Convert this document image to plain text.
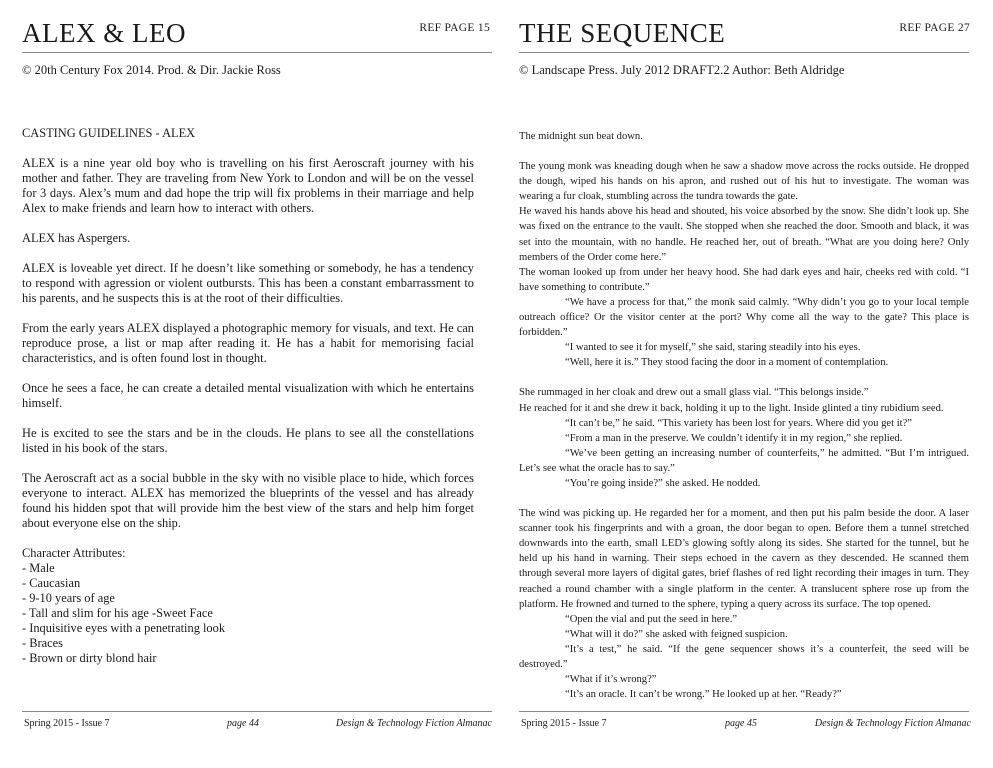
ALEX & LEO	REF PAGE 15
© 20th Century Fox 2014. Prod. & Dir. Jackie Ross

CASTING GUIDELINES - ALEX

ALEX is a nine year old boy who is travelling on his first Aeroscraft journey with his mother and father. They are traveling from New York to London and will be on the vessel for 3 days. Alex’s mum and dad hope the trip will fix problems in their marriage and help Alex to make friends and learn how to interact with others.

ALEX has Aspergers.

ALEX is loveable yet direct. If he doesn’t like something or somebody, he has a tendency to respond with agression or violent outbursts. This has been a constant embarrassment to his parents, and he suspects this is at the root of their difficulties.

From the early years ALEX displayed a photographic memory for visuals, and text. He can reproduce prose, a list or map after reading it. He has a habit for memorising facial characteristics, and is often found lost in thought.

Once he sees a face, he can create a detailed mental visualization with which he entertains himself.

He is excited to see the stars and be in the clouds. He plans to see all the constellations listed in his book of the stars.

The Aeroscraft act as a social bubble in the sky with no visible place to hide, which forces everyone to interact. ALEX has memorized the blueprints of the vessel and has already found his hidden spot that will provide him the best view of the stars and help him forget about everyone else on the ship.

Character Attributes:

- Male
- Caucasian
- 9-10 years of age
- Tall and slim for his age -Sweet Face
- Inquisitive eyes with a penetrating look
- Braces
- Brown or dirty blond hair
Spring 2015 - Issue 7	page 44	Design & Technology Fiction Almanac
THE SEQUENCE	REF PAGE 27
© Landscape Press. July 2012 DRAFT2.2 Author: Beth Aldridge

The midnight sun beat down.

The young monk was kneading dough when he saw a shadow move across the rocks outside. He dropped the dough, wiped his hands on his apron, and rushed out of his hut to investigate. The woman was wearing a fur cloak, stumbling across the tundra towards the gate.

He waved his hands above his head and shouted, his voice absorbed by the snow. She didn’t look up. She was fixed on the entrance to the vault. She stopped when she reached the door. Smooth and black, it was set into the mountain, with no handle. He reached her, out of breath. “What are you doing here? Only members of the Order come here.”

The woman looked up from under her heavy hood. She had dark eyes and hair, cheeks red with cold. “I have something to contribute.”

“We have a process for that,” the monk said calmly. “Why didn’t you go to your local temple outreach office? Or the visitor center at the port? Why come all the way to the gate? This place is forbidden.”

“I wanted to see it for myself,” she said, staring steadily into his eyes.

“Well, here it is.” They stood facing the door in a moment of contemplation.

She rummaged in her cloak and drew out a small glass vial. “This belongs inside.”

He reached for it and she drew it back, holding it up to the light. Inside glinted a tiny rubidium seed.

“It can’t be,” he said. “This variety has been lost for years. Where did you get it?”

“From a man in the preserve. We couldn’t identify it in my region,” she replied.

“We’ve been getting an increasing number of counterfeits,” he admitted. “But I’m intrigued. Let’s see what the oracle has to say.”

“You’re going inside?” she asked. He nodded.

The wind was picking up. He regarded her for a moment, and then put his palm beside the door. A laser scanner took his fingerprints and with a groan, the door began to open. Before them a tunnel stretched downwards into the earth, small LED’s glowing softly along its sides. She started for the tunnel, but he held up his hand in warning. Their steps echoed in the cavern as they descended. He scanned them through several more layers of digital gates, brief flashes of red light recording their images in turn. They reached a round chamber with a single platform in the center. A translucent sphere rose up from the platform. He frowned and turned to the sphere, typing a query across its surface. The top opened.

“Open the vial and put the seed in here.”

“What will it do?” she asked with feigned suspicion.

“It’s a test,” he said. “If the gene sequencer shows it’s a counterfeit, the seed will be destroyed.”

“What if it’s wrong?”

“It’s an oracle. It can’t be wrong.” He looked up at her. “Ready?”

Spring 2015 - Issue 7	page 45	Design & Technology Fiction Almanac
